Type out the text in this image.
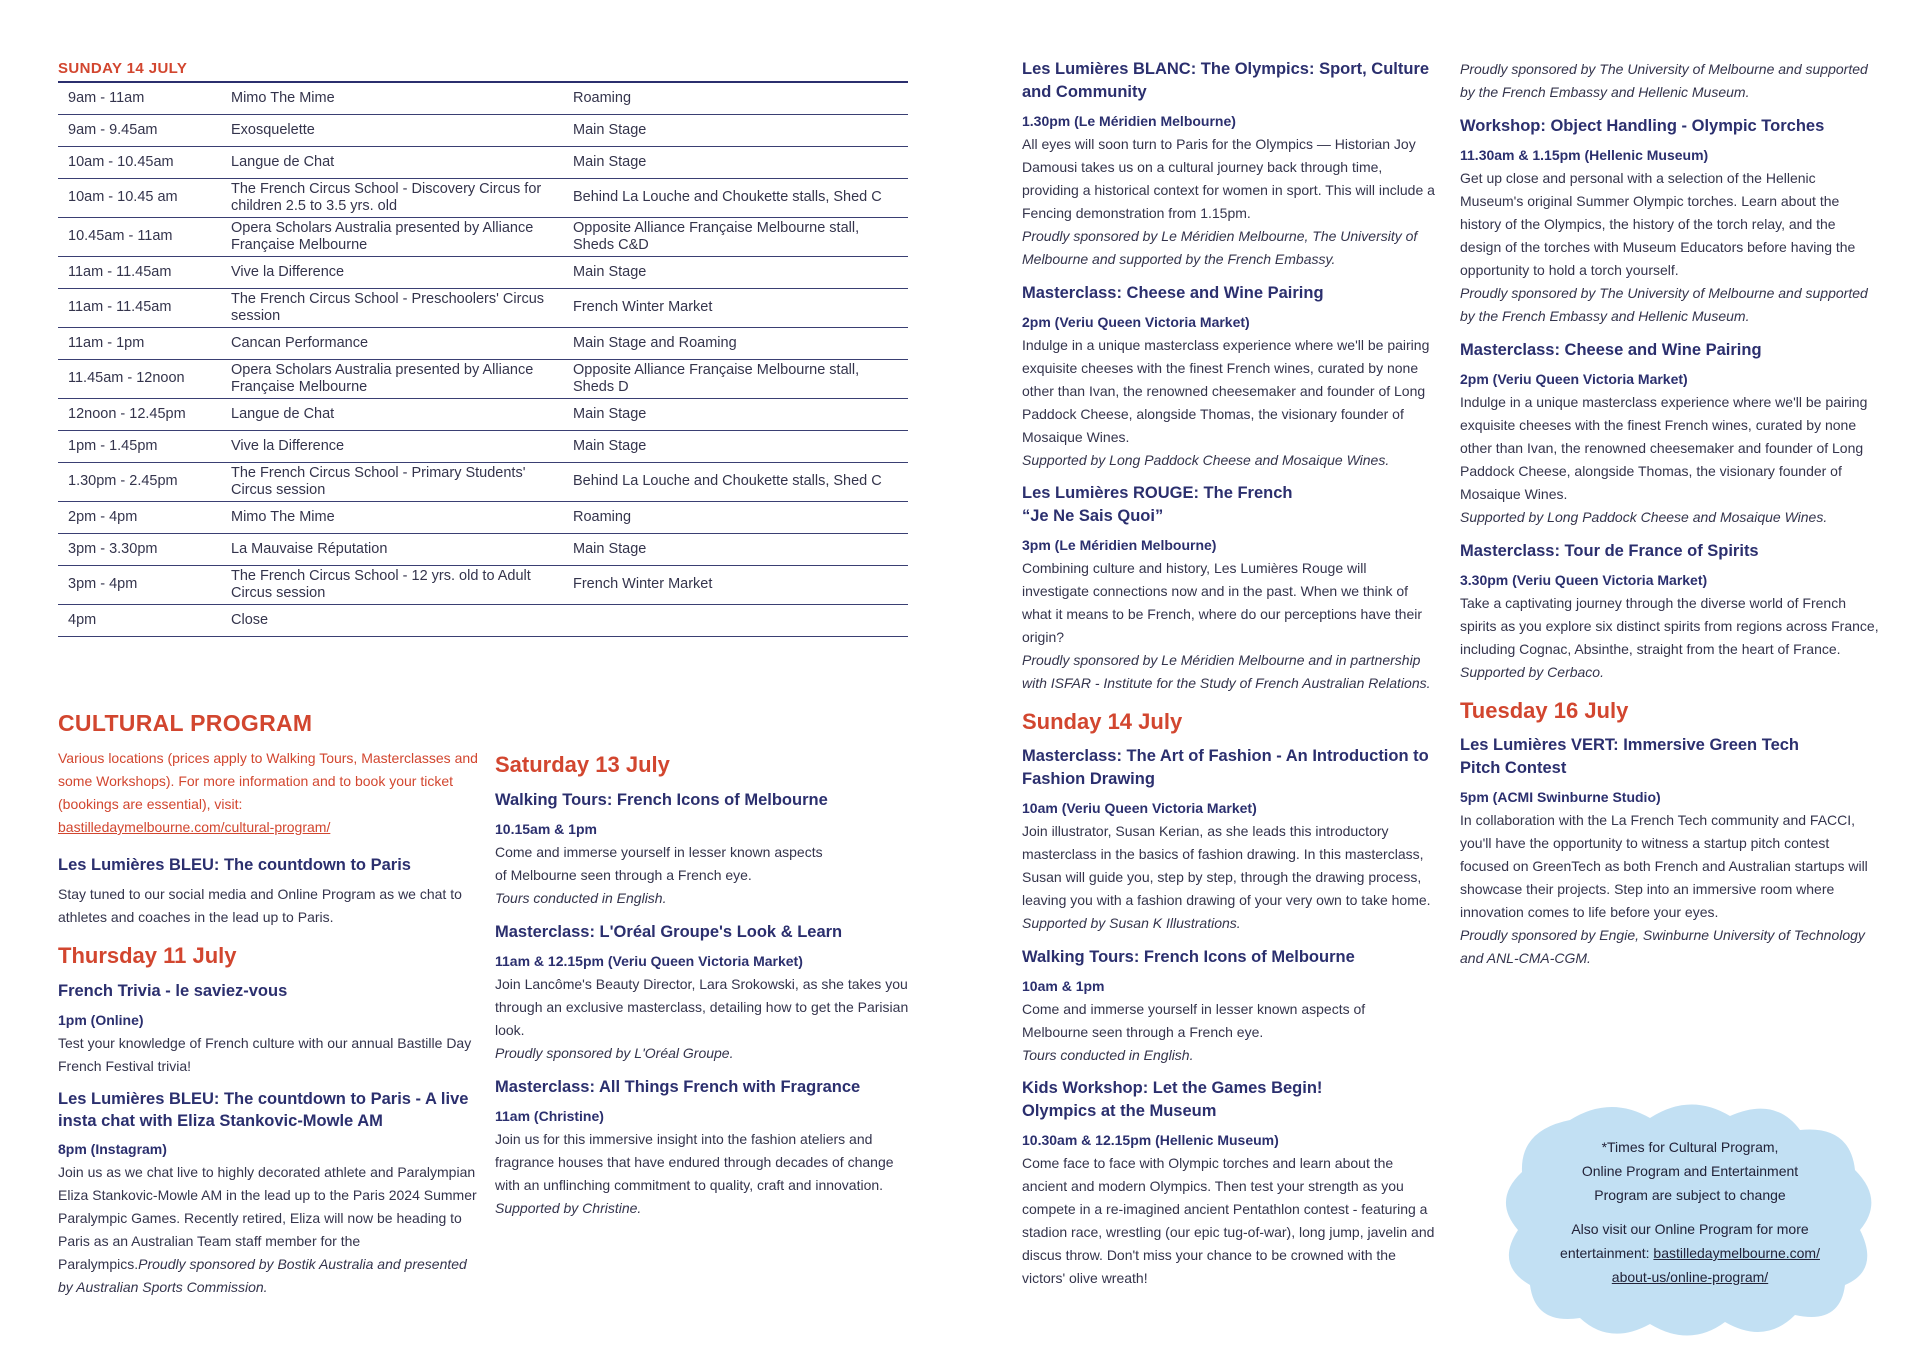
SUNDAY 14 JULY

9am - 11am	Mimo The Mime	Roaming
9am - 9.45am	Exosquelette	Main Stage
10am - 10.45am	Langue de Chat	Main Stage
10am - 10.45 am	The French Circus School - Discovery Circus for children 2.5 to 3.5 yrs. old	Behind La Louche and Choukette stalls, Shed C
10.45am - 11am	Opera Scholars Australia presented by Alliance Française Melbourne	Opposite Alliance Française Melbourne stall, Sheds C&D
11am - 11.45am	Vive la Difference	Main Stage
11am - 11.45am	The French Circus School - Preschoolers' Circus session	French Winter Market
11am - 1pm	Cancan Performance	Main Stage and Roaming
11.45am - 12noon	Opera Scholars Australia presented by Alliance Française Melbourne	Opposite Alliance Française Melbourne stall, Sheds D
12noon - 12.45pm	Langue de Chat	Main Stage
1pm - 1.45pm	Vive la Difference	Main Stage
1.30pm - 2.45pm	The French Circus School - Primary Students' Circus session	Behind La Louche and Choukette stalls, Shed C
2pm - 4pm	Mimo The Mime	Roaming
3pm - 3.30pm	La Mauvaise Réputation	Main Stage
3pm - 4pm	The French Circus School - 12 yrs. old to Adult Circus session	French Winter Market
4pm	Close	
CULTURAL PROGRAM
Various locations (prices apply to Walking Tours, Masterclasses and some Workshops). For more information and to book your ticket (bookings are essential), visit:
bastilledaymelbourne.com/cultural-program/
Les Lumières BLEU: The countdown to Paris
Stay tuned to our social media and Online Program as we chat to athletes and coaches in the lead up to Paris.
Thursday 11 July
French Trivia - le saviez-vous
1pm (Online)
Test your knowledge of French culture with our annual Bastille Day French Festival trivia!
Les Lumières BLEU: The countdown to Paris - A live insta chat with Eliza Stankovic-Mowle AM
8pm (Instagram)
Join us as we chat live to highly decorated athlete and Paralympian Eliza Stankovic-Mowle AM in the lead up to the Paris 2024 Summer Paralympic Games. Recently retired, Eliza will now be heading to Paris as an Australian Team staff member for the Paralympics.Proudly sponsored by Bostik Australia and presented by Australian Sports Commission.
Saturday 13 July
Walking Tours: French Icons of Melbourne
10.15am & 1pm
Come and immerse yourself in lesser known aspects of Melbourne seen through a French eye.
Tours conducted in English.
Masterclass: L'Oréal Groupe's Look & Learn
11am & 12.15pm (Veriu Queen Victoria Market)
Join Lancôme's Beauty Director, Lara Srokowski, as she takes you through an exclusive masterclass, detailing how to get the Parisian look.
Proudly sponsored by L'Oréal Groupe.
Masterclass: All Things French with Fragrance
11am (Christine)
Join us for this immersive insight into the fashion ateliers and fragrance houses that have endured through decades of change with an unflinching commitment to quality, craft and innovation.
Supported by Christine.
Les Lumières BLANC: The Olympics: Sport, Culture and Community
1.30pm (Le Méridien Melbourne)
All eyes will soon turn to Paris for the Olympics — Historian Joy Damousi takes us on a cultural journey back through time, providing a historical context for women in sport. This will include a Fencing demonstration from 1.15pm.
Proudly sponsored by Le Méridien Melbourne, The University of Melbourne and supported by the French Embassy.
Masterclass: Cheese and Wine Pairing
2pm (Veriu Queen Victoria Market)
Indulge in a unique masterclass experience where we'll be pairing exquisite cheeses with the finest French wines, curated by none other than Ivan, the renowned cheesemaker and founder of Long Paddock Cheese, alongside Thomas, the visionary founder of Mosaique Wines.
Supported by Long Paddock Cheese and Mosaique Wines.
Les Lumières ROUGE: The French “Je Ne Sais Quoi”
3pm (Le Méridien Melbourne)
Combining culture and history, Les Lumières Rouge will investigate connections now and in the past. When we think of what it means to be French, where do our perceptions have their origin?
Proudly sponsored by Le Méridien Melbourne and in partnership with ISFAR - Institute for the Study of French Australian Relations.
Sunday 14 July
Masterclass: The Art of Fashion - An Introduction to Fashion Drawing
10am (Veriu Queen Victoria Market)
Join illustrator, Susan Kerian, as she leads this introductory masterclass in the basics of fashion drawing. In this masterclass, Susan will guide you, step by step, through the drawing process, leaving you with a fashion drawing of your very own to take home.
Supported by Susan K Illustrations.
Walking Tours: French Icons of Melbourne
10am & 1pm
Come and immerse yourself in lesser known aspects of Melbourne seen through a French eye.
Tours conducted in English.
Kids Workshop: Let the Games Begin! Olympics at the Museum
10.30am & 12.15pm (Hellenic Museum)
Come face to face with Olympic torches and learn about the ancient and modern Olympics. Then test your strength as you compete in a re-imagined ancient Pentathlon contest - featuring a stadion race, wrestling (our epic tug-of-war), long jump, javelin and discus throw. Don't miss your chance to be crowned with the victors' olive wreath!
Proudly sponsored by The University of Melbourne and supported by the French Embassy and Hellenic Museum.
Workshop: Object Handling - Olympic Torches
11.30am & 1.15pm (Hellenic Museum)
Get up close and personal with a selection of the Hellenic Museum's original Summer Olympic torches. Learn about the history of the Olympics, the history of the torch relay, and the design of the torches with Museum Educators before having the opportunity to hold a torch yourself.
Proudly sponsored by The University of Melbourne and supported by the French Embassy and Hellenic Museum.
Masterclass: Cheese and Wine Pairing
2pm (Veriu Queen Victoria Market)
Indulge in a unique masterclass experience where we'll be pairing exquisite cheeses with the finest French wines, curated by none other than Ivan, the renowned cheesemaker and founder of Long Paddock Cheese, alongside Thomas, the visionary founder of Mosaique Wines.
Supported by Long Paddock Cheese and Mosaique Wines.
Masterclass: Tour de France of Spirits
3.30pm (Veriu Queen Victoria Market)
Take a captivating journey through the diverse world of French spirits as you explore six distinct spirits from regions across France, including Cognac, Absinthe, straight from the heart of France.
Supported by Cerbaco.
Tuesday 16 July
Les Lumières VERT: Immersive Green Tech Pitch Contest
5pm (ACMI Swinburne Studio)
In collaboration with the La French Tech community and FACCI, you'll have the opportunity to witness a startup pitch contest focused on GreenTech as both French and Australian startups will showcase their projects. Step into an immersive room where innovation comes to life before your eyes.
Proudly sponsored by Engie, Swinburne University of Technology and ANL-CMA-CGM.
*Times for Cultural Program,
Online Program and Entertainment
Program are subject to change
Also visit our Online Program for more
entertainment: bastilledaymelbourne.com/
about-us/online-program/
